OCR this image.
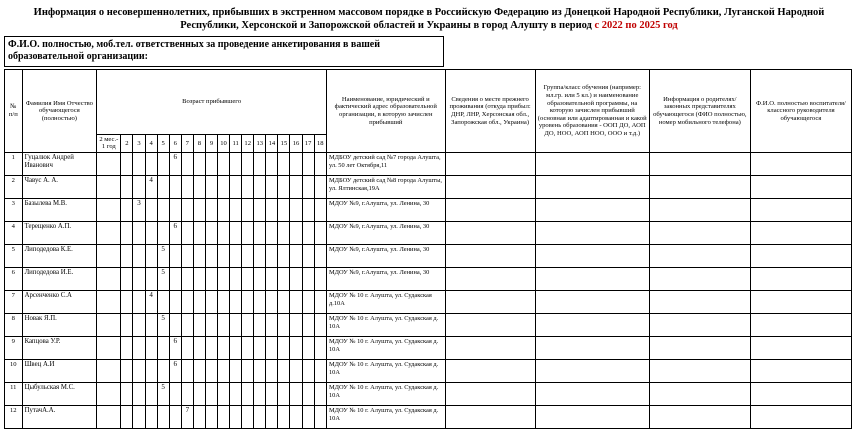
Информация о несовершеннолетних, прибывших в экстренном массовом порядке в Российскую Федерацию из Донецкой Народной Республики, Луганской Народной Республики, Херсонской и Запорожской областей и Украины в город Алушту в период с 2022 по 2025 год
Ф.И.О. полностью, моб.тел. ответственных за проведение анкетирования в вашей образовательной организации:
№ п/п	Фамилия Имя Отчество обучающегося (полностью)	Возраст прибывшего																		Наименование, юридический и фактический адрес образовательной организации, в которую зачислен прибывший	Сведения о месте прежнего проживания (откуда прибыл: ДНР, ЛНР, Херсонская обл., Запорожская обл., Украина)	Группа/класс обучения (например: мл.гр. или 5 кл.) и наименование образовательной программы, на которую зачислен прибывший (основная или адаптированная и какой уровень образования - ООП ДО, АОП ДО, НОО, АОП НОО, ООО и т.д.)	Информация о родителях/законных представителях обучающегося (ФИО полностью, номер мобильного телефона)	Ф.И.О. полностью воспитателя/классного руководителя обучающегося
		2 мес.- 1 год	2	3	4	5	6	7	8	9	10	11	12	13	14	15	16	17	18					
1	Гуцалюк Андрей Иванович						6													МДБОУ детский сад №7 города Алушта, ул. 50 лет Октября,11				
2	Чавус А. А.				4															МДБОУ детский сад №8 города Алушты, ул. Ялтинская,19А				
3	Базылева М.В.			3																МДОУ №9, г.Алушта, ул. Ленина, 30				
4	Терещенко А.П.						6													МДОУ №9, г.Алушта, ул. Ленина, 30				
5	Липодедова К.Е.					5														МДОУ №9, г.Алушта, ул. Ленина, 30				
6	Липодедова И.Е.					5														МДОУ №9, г.Алушта, ул. Ленина, 30				
7	Арсенченко С.А				4															МДОУ № 10 г. Алушта, ул. Судакская д.10А				
8	Новак Я.П.					5														МДОУ № 10 г. Алушта, ул. Судакская д. 10А				
9	Капцова У.Р.						6													МДОУ № 10 г. Алушта, ул. Судакская д. 10А				
10	Швец А.И						6													МДОУ № 10 г. Алушта, ул. Судакская д. 10А				
11	Цыбульская М.С.					5														МДОУ № 10 г. Алушта, ул. Судакская д. 10А				
12	ПутачА.А.							7												МДОУ № 10 г. Алушта, ул. Судакская д. 10А				
